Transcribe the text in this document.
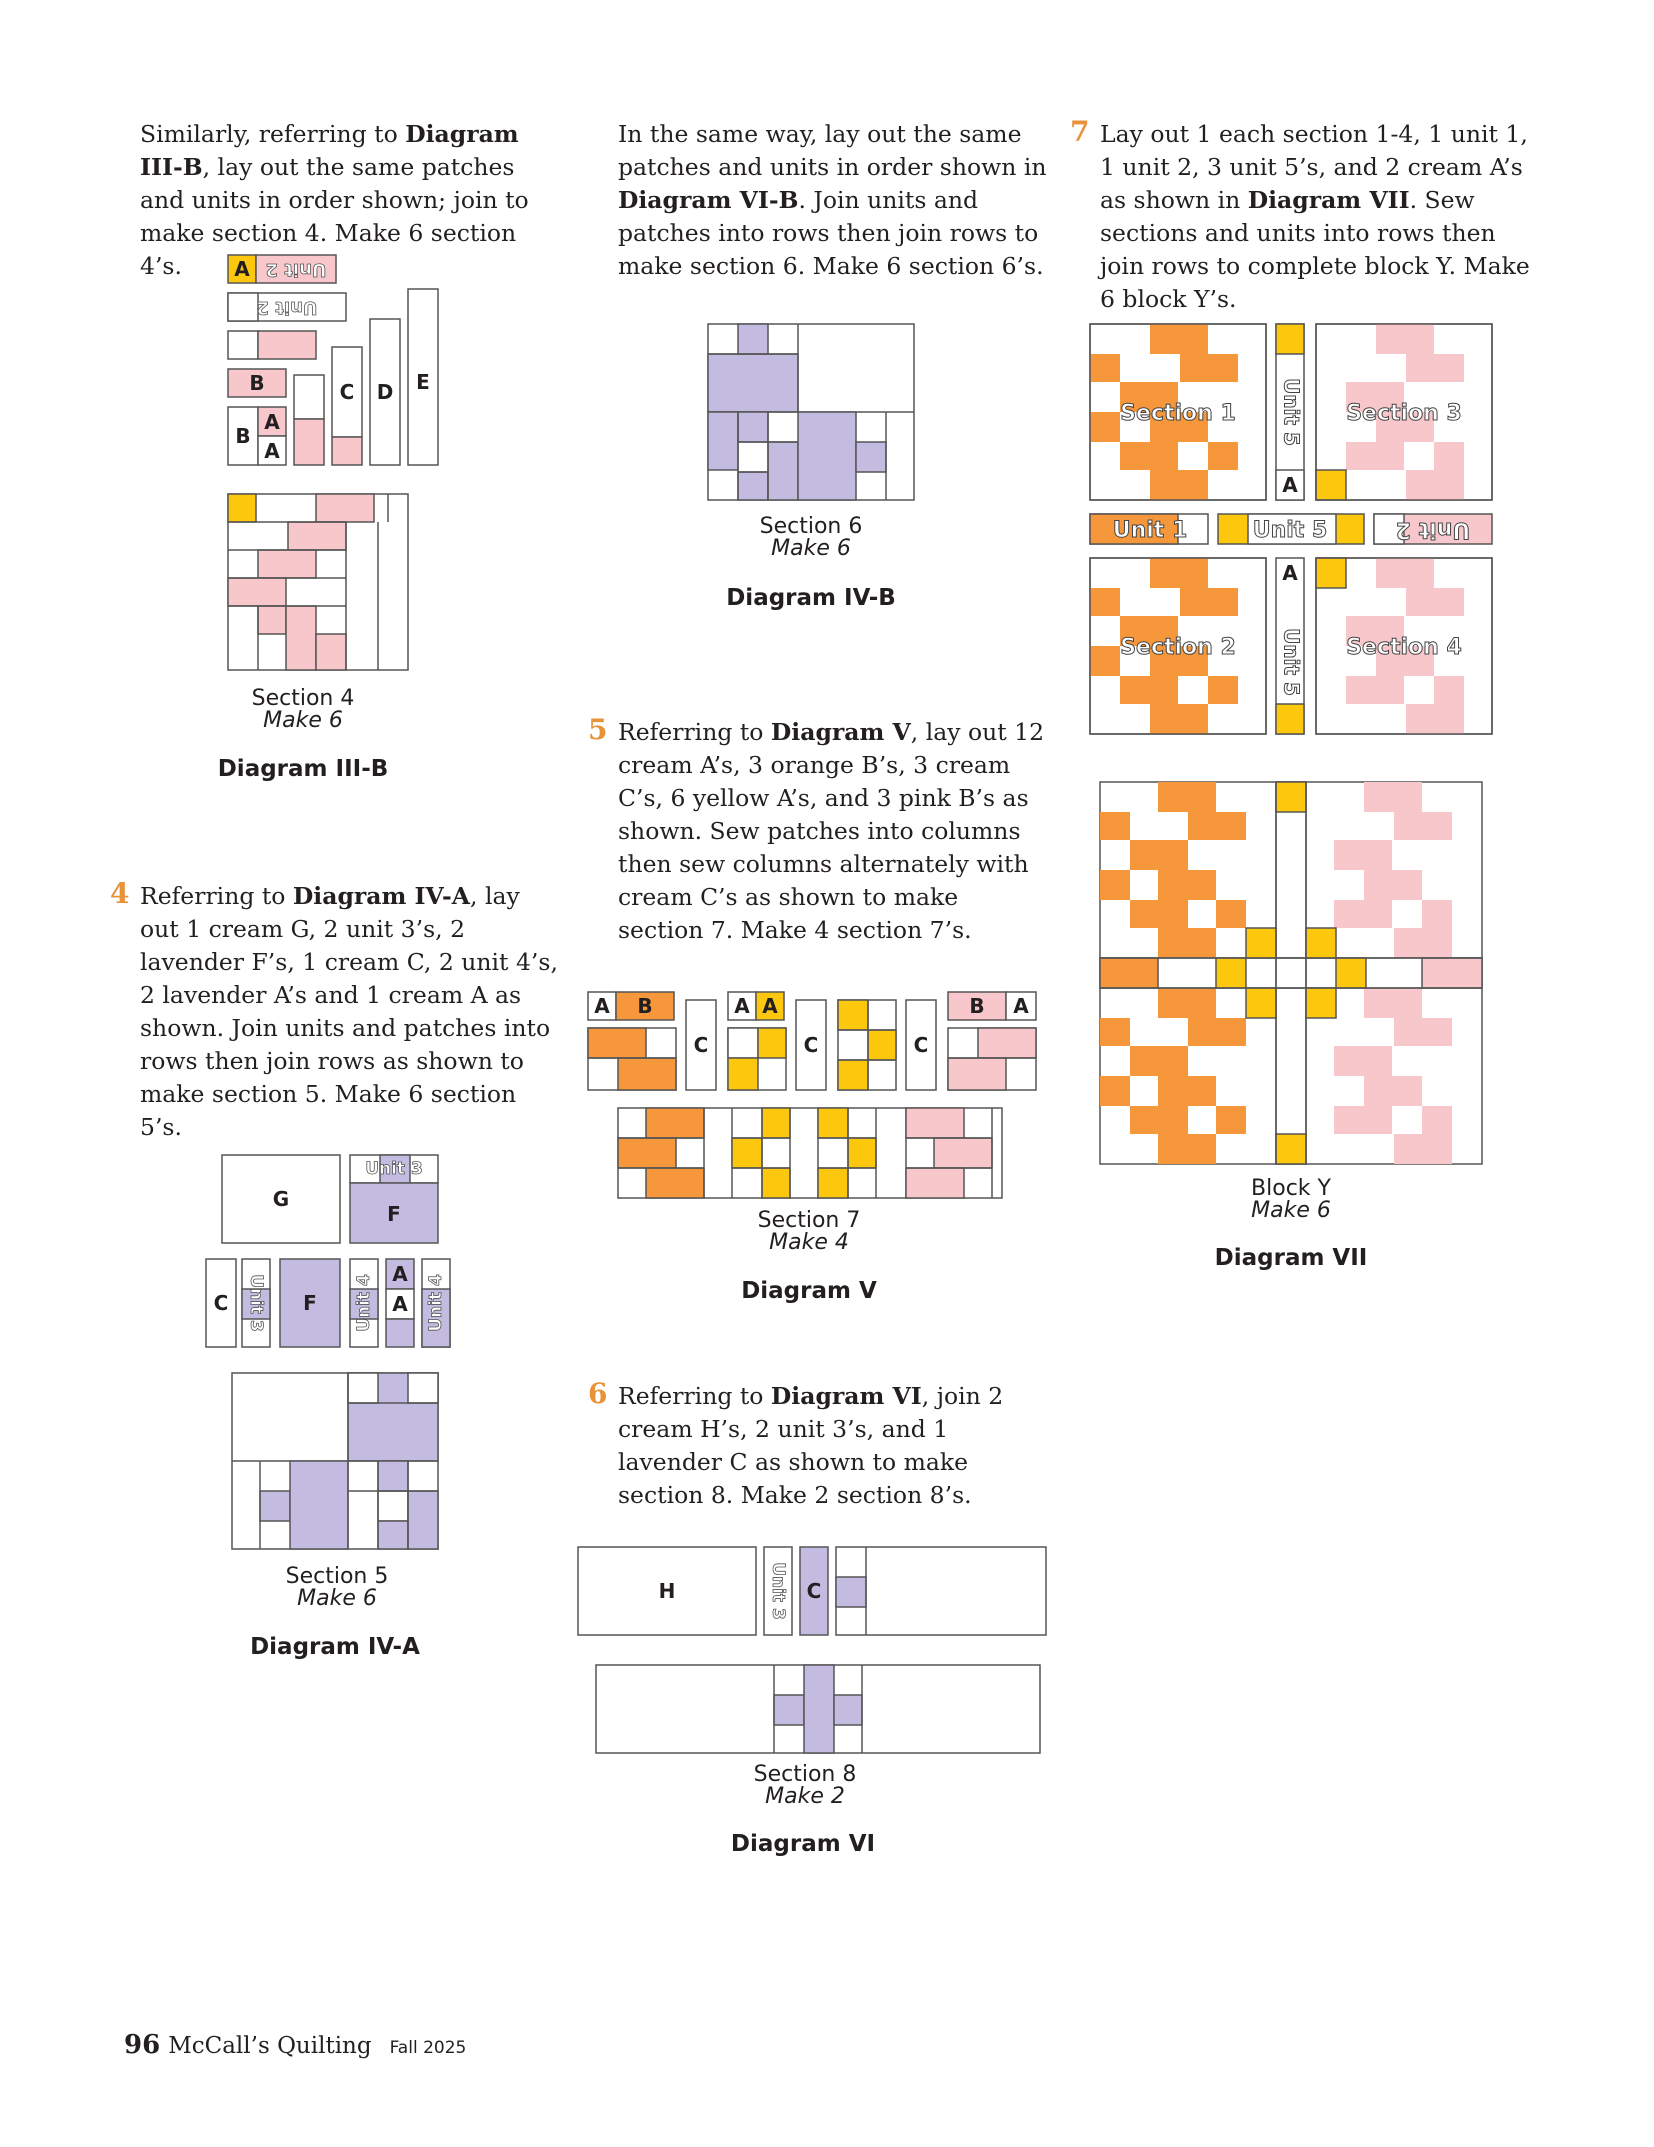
Similarly, referring to Diagram III-B, lay out the same patches and units in order shown; join to make section 4. Make 6 section 4’s.	A Unit 2
Unit 2
B
B
A
A
C D E
Section 4
Make 6
Diagram III-B
4 Referring to Diagram IV-A, lay out 1 cream G, 2 unit 3’s, 2 lavender F’s, 1 cream C, 2 unit 4’s, 2 lavender A’s and 1 cream A as shown. Join units and patches into rows then join rows as shown to make section 5. Make 6 section 5’s.

G
F
Unit 3
C Unit 3 F Unit 4
A
A Unit 4
Section 5
Make 6
Diagram IV-A

In the same way, lay out the same patches and units in order shown in Diagram VI-B. Join units and patches into rows then join rows to make section 6. Make 6 section 6’s.

Section 6
Make 6
Diagram IV-B
5 Referring to Diagram V, lay out 12 cream A’s, 3 orange B’s, 3 cream C’s, 6 yellow A’s, and 3 pink B’s as shown. Sew patches into columns then sew columns alternately with cream C’s as shown to make section 7. Make 4 section 7’s.

A B
C
A A
C	C
B A
Section 7
Make 4
Diagram V
6 Referring to Diagram VI, join 2 cream H’s, 2 unit 3’s, and 1 lavender C as shown to make section 8. Make 2 section 8’s.

H	Unit 3 C
Section 8
Make 2
Diagram VI
7 Lay out 1 each section 1-4, 1 unit 1, 1 unit 2, 3 unit 5’s, and 2 cream A’s as shown in Diagram VII. Sew sections and units into rows then join rows to complete block Y. Make 6 block Y’s.

Section 1	Section 3
Section 2	Section 4
Unit 1	Unit 5	Unit 2
Unit 5
Unit 5
A
A
Block Y
Make 6
Diagram VII
96 McCall’s Quilting Fall 2025
